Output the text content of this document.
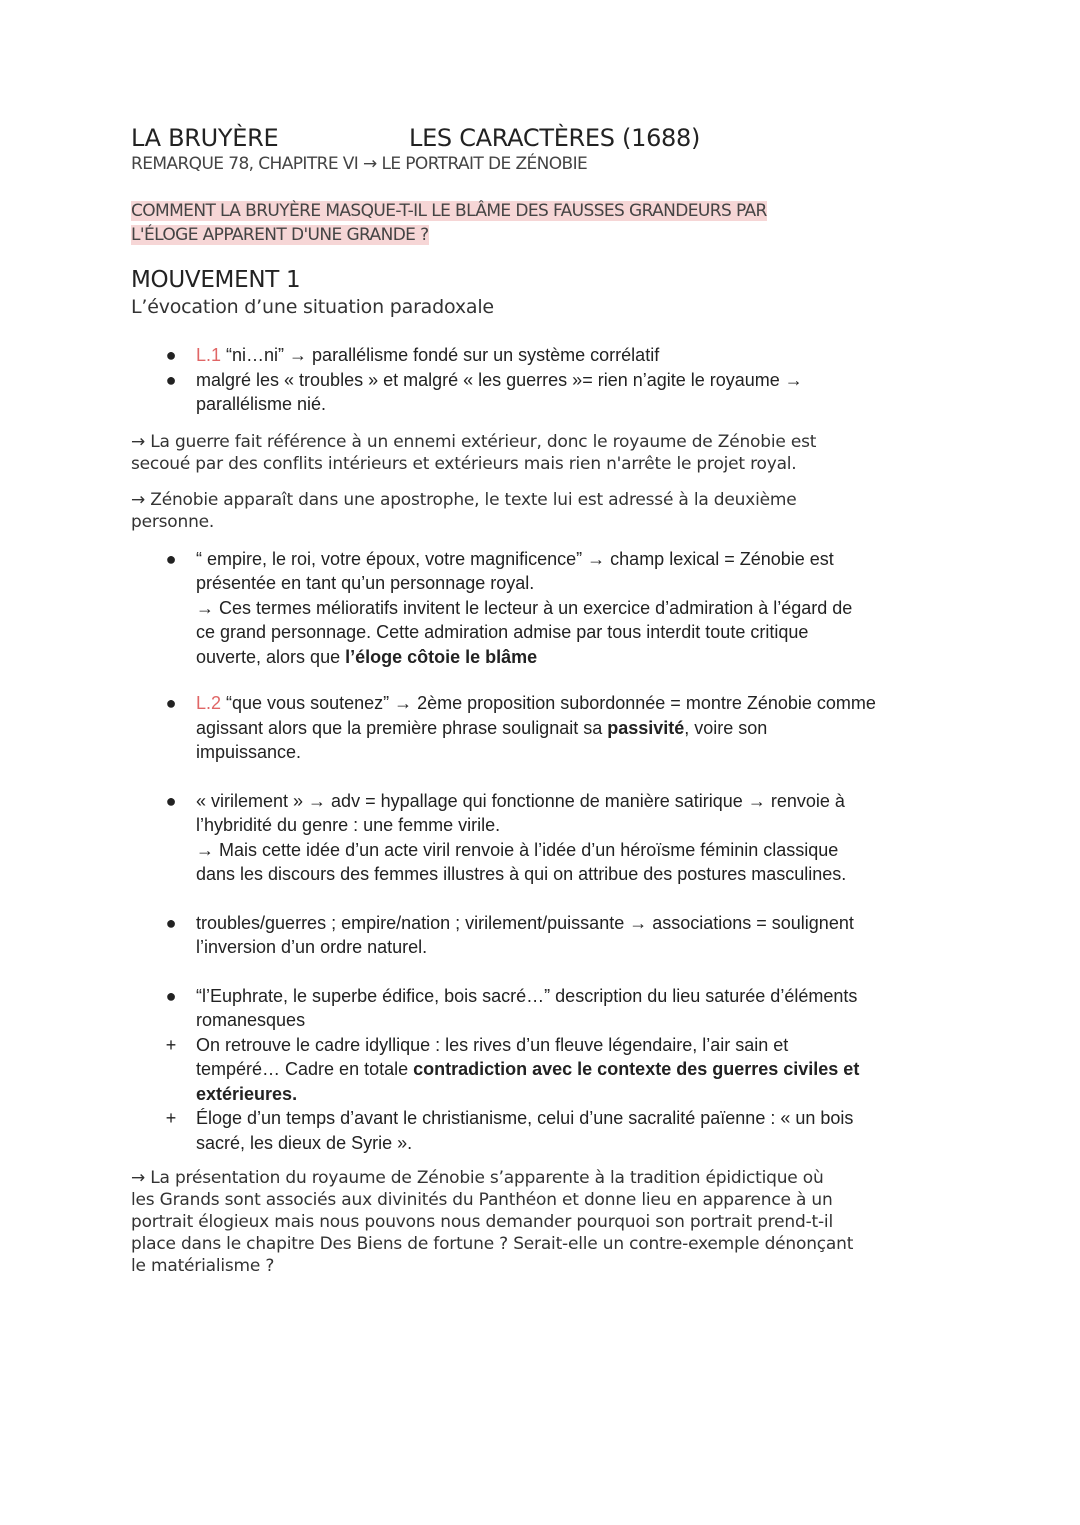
LA BRUYÈRE	LES CARACTÈRES (1688)
REMARQUE 78, CHAPITRE VI → LE PORTRAIT DE ZÉNOBIE
COMMENT LA BRUYÈRE MASQUE-T-IL LE BLÂME DES FAUSSES GRANDEURS PAR
L'ÉLOGE APPARENT D'UNE GRANDE ?
MOUVEMENT 1
L’évocation d’une situation paradoxale
● L.1 “ni…ni” → parallélisme fondé sur un système corrélatif
● malgré les « troubles » et malgré « les guerres »= rien n’agite le royaume →
parallélisme nié.
→ La guerre fait référence à un ennemi extérieur, donc le royaume de Zénobie est
secoué par des conflits intérieurs et extérieurs mais rien n'arrête le projet royal.
→ Zénobie apparaît dans une apostrophe, le texte lui est adressé à la deuxième
personne.
● “ empire, le roi, votre époux, votre magnificence” → champ lexical = Zénobie est
présentée en tant qu’un personnage royal.
→ Ces termes mélioratifs invitent le lecteur à un exercice d’admiration à l’égard de
ce grand personnage. Cette admiration admise par tous interdit toute critique
ouverte, alors que l’éloge côtoie le blâme
● L.2 “que vous soutenez” → 2ème proposition subordonnée = montre Zénobie comme
agissant alors que la première phrase soulignait sa passivité, voire son
impuissance.
● « virilement » → adv = hypallage qui fonctionne de manière satirique → renvoie à
l’hybridité du genre : une femme virile.
→ Mais cette idée d’un acte viril renvoie à l’idée d’un héroïsme féminin classique
dans les discours des femmes illustres à qui on attribue des postures masculines.
● troubles/guerres ; empire/nation ; virilement/puissante → associations = soulignent
l’inversion d’un ordre naturel.
● “l’Euphrate, le superbe édifice, bois sacré…” description du lieu saturée d’éléments
romanesques
+ On retrouve le cadre idyllique : les rives d’un fleuve légendaire, l’air sain et
tempéré… Cadre en totale contradiction avec le contexte des guerres civiles et
extérieures.
+ Éloge d’un temps d’avant le christianisme, celui d’une sacralité païenne : « un bois
sacré, les dieux de Syrie ».
→ La présentation du royaume de Zénobie s’apparente à la tradition épidictique où
les Grands sont associés aux divinités du Panthéon et donne lieu en apparence à un
portrait élogieux mais nous pouvons nous demander pourquoi son portrait prend-t-il
place dans le chapitre Des Biens de fortune ? Serait-elle un contre-exemple dénonçant
le matérialisme ?
